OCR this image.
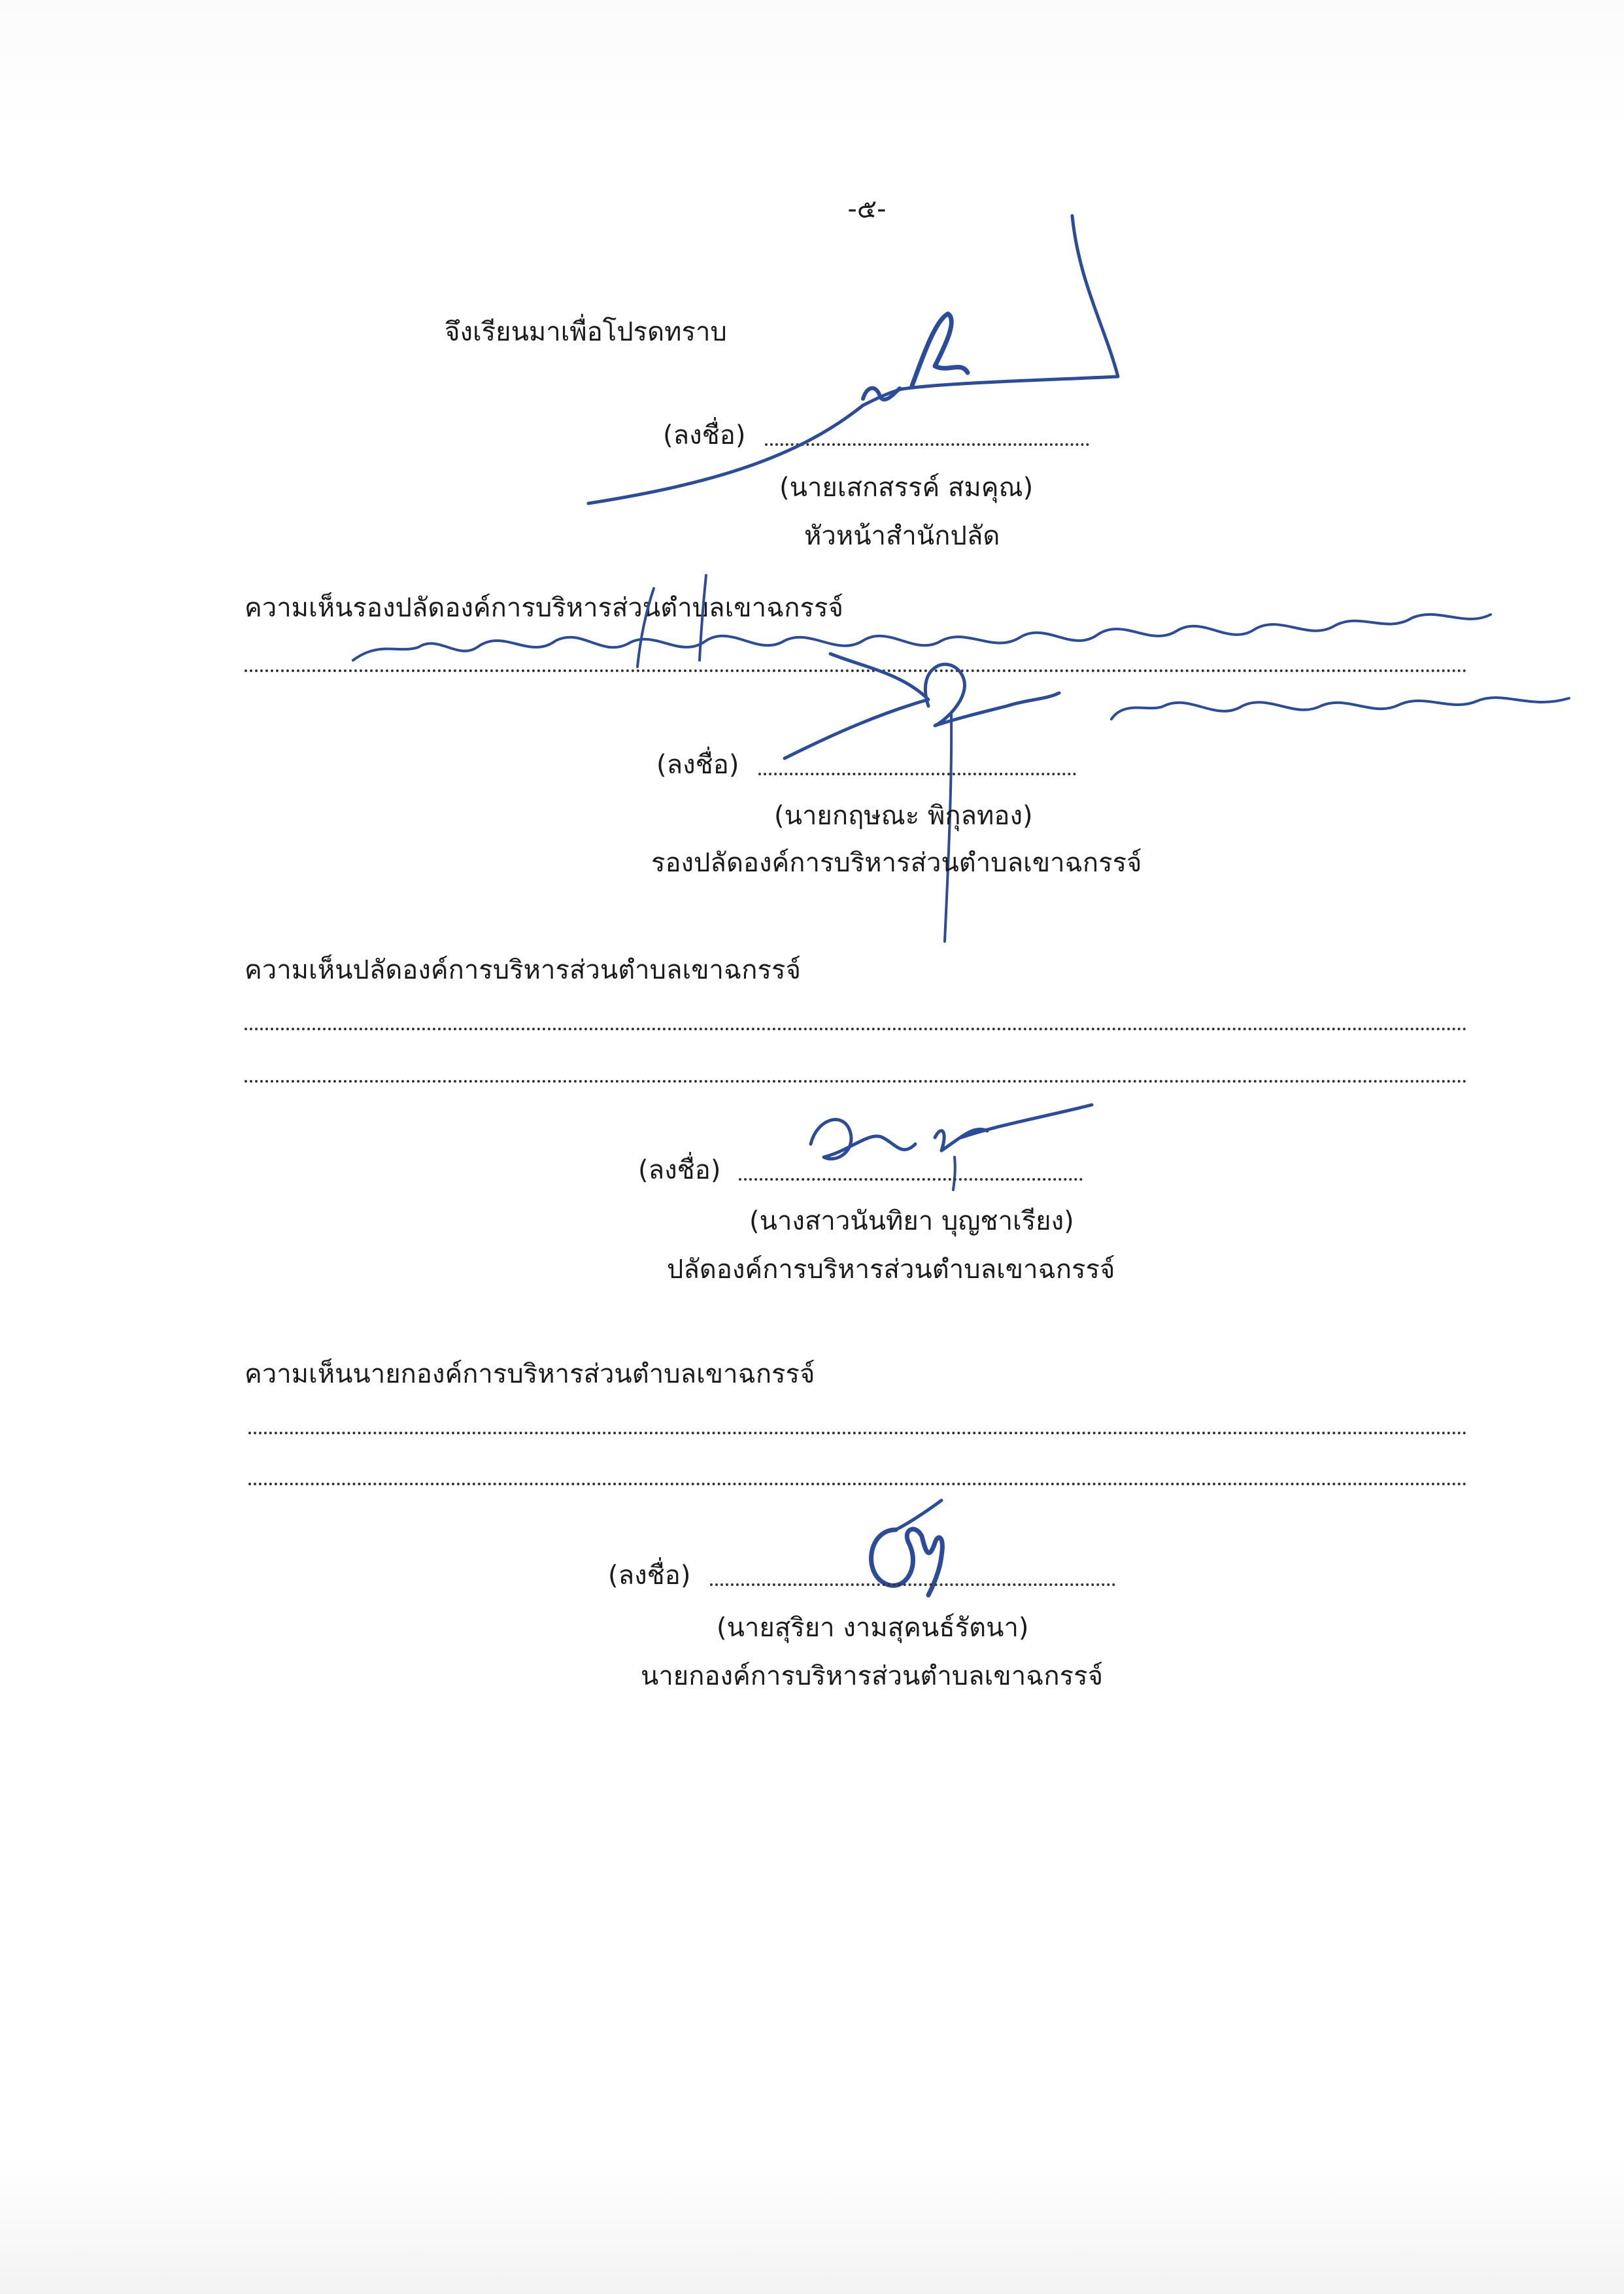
-๕-
จึงเรียนมาเพื่อโปรดทราบ
(ลงชื่อ)
(นายเสกสรรค์ สมคุณ)
หัวหน้าสำนักปลัด
ความเห็นรองปลัดองค์การบริหารส่วนตำบลเขาฉกรรจ์
(ลงชื่อ)
(นายกฤษณะ พิกุลทอง)
รองปลัดองค์การบริหารส่วนตำบลเขาฉกรรจ์
ความเห็นปลัดองค์การบริหารส่วนตำบลเขาฉกรรจ์
(ลงชื่อ)
(นางสาวนันทิยา บุญชาเรียง)
ปลัดองค์การบริหารส่วนตำบลเขาฉกรรจ์
ความเห็นนายกองค์การบริหารส่วนตำบลเขาฉกรรจ์
(ลงชื่อ)
(นายสุริยา งามสุคนธ์รัตนา)
นายกองค์การบริหารส่วนตำบลเขาฉกรรจ์
